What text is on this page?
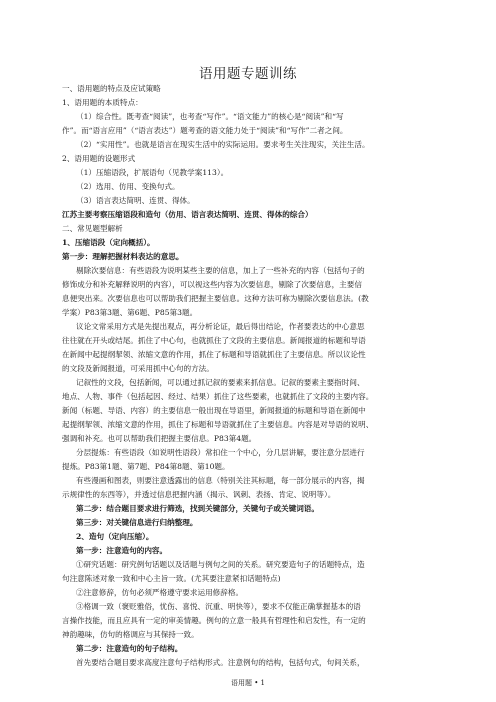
语用题专题训练
一、语用题的特点及应试策略
1、语用题的本质特点：
（1）综合性。既考查“阅读”，也考查“写作”。“语文能力”的核心是“阅读”和“写
作”。而“语言应用”（“语言表达”）题考查的语文能力处于“阅读”和“写作”二者之间。
（2）“实用性”。也就是语言在现实生活中的实际运用。要求考生关注现实，关注生活。
2、语用题的设题形式
（1）压缩语段，扩展语句（见教学案113）。
（2）选用、仿用、变换句式。
（3）语言表达简明、连贯、得体。
江苏主要考察压缩语段和造句（仿用、语言表达简明、连贯、得体的综合）
二、常见题型解析
1、压缩语段（定向概括）。
第一步：理解把握材料表达的意思。
剔除次要信息：有些语段为说明某些主要的信息，加上了一些补充的内容（包括句子的
修饰成分和补充解释说明的内容），可以视这些内容为次要信息，剔除了次要信息，主要信
息便突出来。次要信息也可以帮助我们把握主要信息。这种方法可称为剔除次要信息法。(教
学案）P83第3题、第6题、P85第3题。
议论文常采用方式是先提出观点，再分析论证，最后得出结论，作者要表达的中心意思
往往就在开头或结尾。抓住了中心句，也就抓住了文段的主要信息。新闻报道的标题和导语
在新闻中起提纲挈领、浓缩文意的作用，抓住了标题和导语就抓住了主要信息。所以议论性
的文段及新闻报道，可采用抓中心句的方法。
记叙性的文段，包括新闻，可以通过抓记叙的要素来抓信息。记叙的要素主要指时间、
地点、人物、事件（包括起因、经过、结果）抓住了这些要素，也就抓住了文段的主要内容。
新闻（标题、导语、内容）的主要信息一般出现在导语里，新闻报道的标题和导语在新闻中
起提纲挈领、浓缩文意的作用，抓住了标题和导语就抓住了主要信息。内容是对导语的说明、
强调和补充。也可以帮助我们把握主要信息。P83第4题。
分层提炼：有些语段（如说明性语段）常扣住一个中心，分几层讲解，要注意分层进行
提炼。P83第1题、第7题、P84第8题、第10题。
有些漫画和图表，则要注意透露出的信息（特别关注其标题，每一部分展示的内容，揭
示规律性的东西等），并透过信息把握内涵（揭示、讽刺、表扬、肯定、说明等）。
第二步：结合题目要求进行筛选，找到关键部分，关键句子或关键词语。
第三步：对关键信息进行归纳整理。
2、造句（定向压缩）。
第一步：注意造句的内容。
①研究话题：研究例句话题以及话题与例句之间的关系。研究要造句子的话题特点，造
句注意陈述对象一致和中心主旨一致。(尤其要注意紧扣话题特点)
②注意修辞，仿句必须严格遵守要求运用修辞格。
③格调一致（褒贬雅俗，忧伤、喜悦、沉重、明快等），要求不仅能正确掌握基本的语
言操作技能，而且应具有一定的审美情趣。例句的立意一般具有哲理性和启发性，有一定的
神韵趣味，仿句的格调应与其保持一致。
第二步：注意造句的句子结构。
首先要结合题目要求高度注意句子结构形式。注意例句的结构，包括句式，句间关系，
语用题 • 1
